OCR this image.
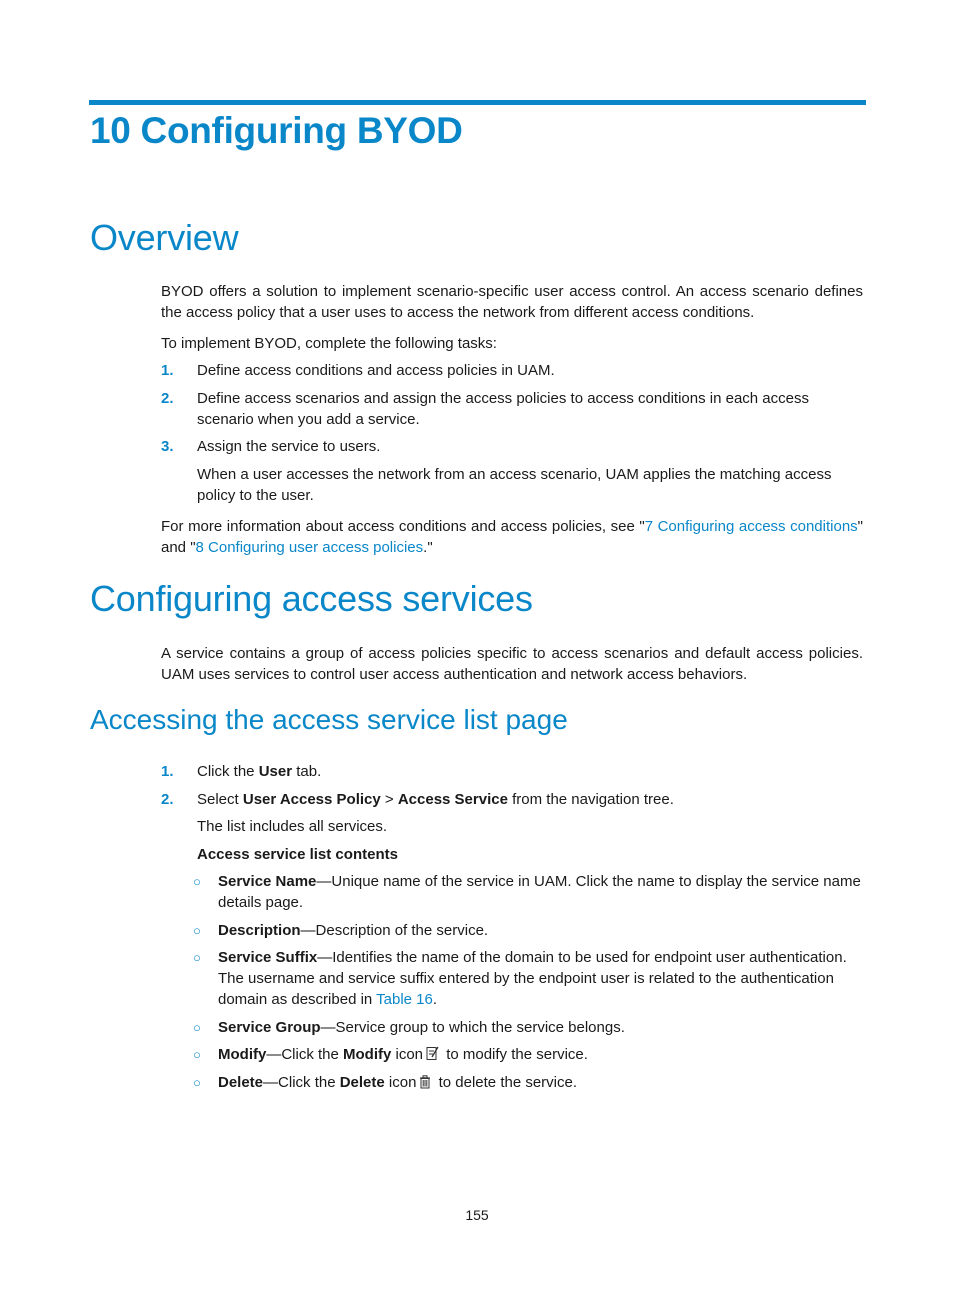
10 Configuring BYOD
Overview

BYOD offers a solution to implement scenario-specific user access control. An access scenario defines the access policy that a user uses to access the network from different access conditions.

To implement BYOD, complete the following tasks:

1. Define access conditions and access policies in UAM.

2. Define access scenarios and assign the access policies to access conditions in each access scenario when you add a service.

3. Assign the service to users.

When a user accesses the network from an access scenario, UAM applies the matching access policy to the user.

For more information about access conditions and access policies, see "7 Configuring access conditions" and "8 Configuring user access policies."

Configuring access services

A service contains a group of access policies specific to access scenarios and default access policies. UAM uses services to control user access authentication and network access behaviors.

Accessing the access service list page
1. Click the User tab.

2. Select User Access Policy > Access Service from the navigation tree.

The list includes all services.

Access service list contents

○ Service Name—Unique name of the service in UAM. Click the name to display the service name details page.

○ Description—Description of the service.

○ Service Suffix—Identifies the name of the domain to be used for endpoint user authentication. The username and service suffix entered by the endpoint user is related to the authentication domain as described in Table 16.

○ Service Group—Service group to which the service belongs.

○ Modify—Click the Modify icon to modify the service.

○ Delete—Click the Delete icon to delete the service.

155
